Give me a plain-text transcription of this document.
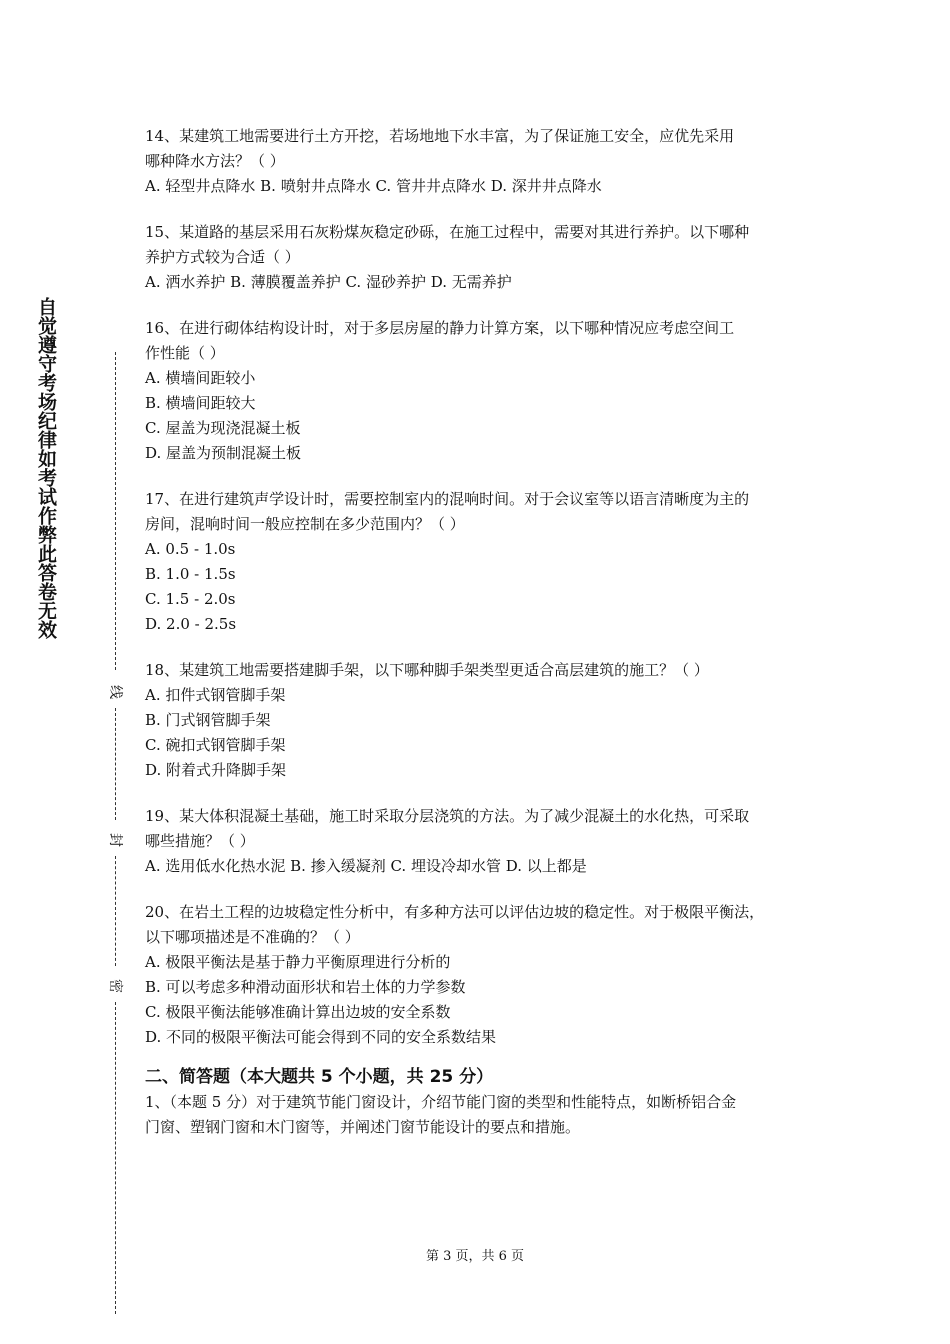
自觉遵守考场纪律如考试作弊此答卷无效
线
封
密

14、某建筑工地需要进行土方开挖，若场地地下水丰富，为了保证施工安全，应优先采用

哪种降水方法？（ ）

A. 轻型井点降水 B. 喷射井点降水 C. 管井井点降水 D. 深井井点降水

15、某道路的基层采用石灰粉煤灰稳定砂砾，在施工过程中，需要对其进行养护。以下哪种

养护方式较为合适（ ）

A. 洒水养护 B. 薄膜覆盖养护 C. 湿砂养护 D. 无需养护

16、在进行砌体结构设计时，对于多层房屋的静力计算方案，以下哪种情况应考虑空间工

作性能（ ）

A. 横墙间距较小

B. 横墙间距较大

C. 屋盖为现浇混凝土板

D. 屋盖为预制混凝土板

17、在进行建筑声学设计时，需要控制室内的混响时间。对于会议室等以语言清晰度为主的

房间，混响时间一般应控制在多少范围内？（ ）

A. 0.5 - 1.0s

B. 1.0 - 1.5s

C. 1.5 - 2.0s

D. 2.0 - 2.5s

18、某建筑工地需要搭建脚手架，以下哪种脚手架类型更适合高层建筑的施工？（ ）

A. 扣件式钢管脚手架

B. 门式钢管脚手架

C. 碗扣式钢管脚手架

D. 附着式升降脚手架

19、某大体积混凝土基础，施工时采取分层浇筑的方法。为了减少混凝土的水化热，可采取

哪些措施？（ ）

A. 选用低水化热水泥 B. 掺入缓凝剂 C. 埋设冷却水管 D. 以上都是

20、在岩土工程的边坡稳定性分析中，有多种方法可以评估边坡的稳定性。对于极限平衡法，

以下哪项描述是不准确的？（ ）

A. 极限平衡法是基于静力平衡原理进行分析的

B. 可以考虑多种滑动面形状和岩土体的力学参数

C. 极限平衡法能够准确计算出边坡的安全系数

D. 不同的极限平衡法可能会得到不同的安全系数结果

二、简答题（本大题共 5 个小题，共 25 分）

1、（本题 5 分）对于建筑节能门窗设计，介绍节能门窗的类型和性能特点，如断桥铝合金

门窗、塑钢门窗和木门窗等，并阐述门窗节能设计的要点和措施。

第 3 页，共 6 页
